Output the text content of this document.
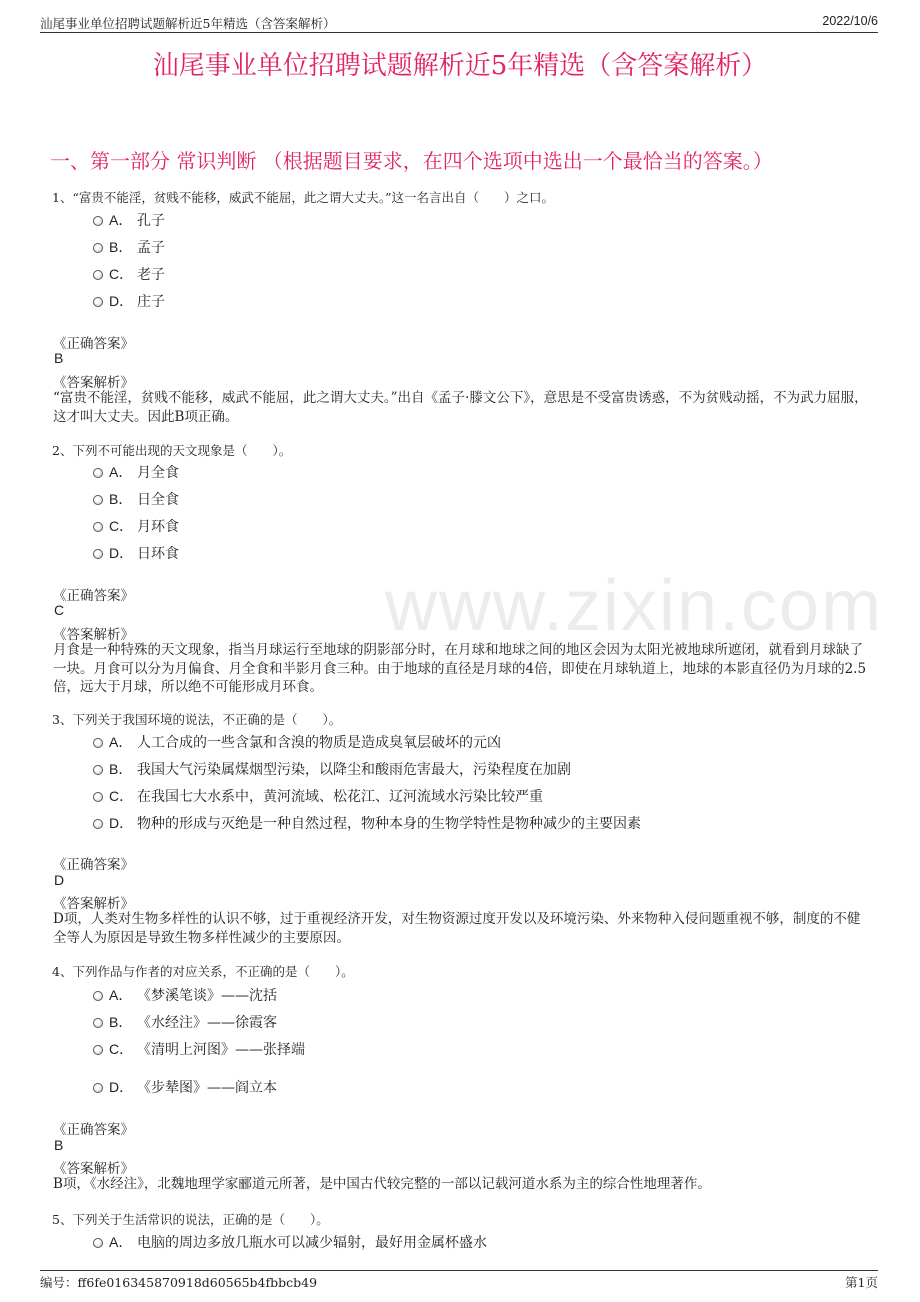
汕尾事业单位招聘试题解析近5年精选（含答案解析）	2022/10/6
汕尾事业单位招聘试题解析近5年精选（含答案解析）
一、第一部分 常识判断 （根据题目要求，在四个选项中选出一个最恰当的答案。）
www.zixin.com
1、“富贵不能淫，贫贱不能移，威武不能屈，此之谓大丈夫。”这一名言出自（　　）之口。
A． 孔子
B． 孟子
C． 老子
D． 庄子
《正确答案》
B
《答案解析》
“富贵不能淫，贫贱不能移，威武不能屈，此之谓大丈夫。”出自《孟子·滕文公下》，意思是不受富贵诱惑，不为贫贱动摇，不为武力屈服，这才叫大丈夫。因此B项正确。
2、下列不可能出现的天文现象是（　　）。
A． 月全食
B． 日全食
C． 月环食
D． 日环食
《正确答案》
C
《答案解析》
月食是一种特殊的天文现象，指当月球运行至地球的阴影部分时，在月球和地球之间的地区会因为太阳光被地球所遮闭，就看到月球缺了一块。月食可以分为月偏食、月全食和半影月食三种。由于地球的直径是月球的4倍，即使在月球轨道上，地球的本影直径仍为月球的2.5倍，远大于月球，所以绝不可能形成月环食。
3、下列关于我国环境的说法，不正确的是（　　）。
A． 人工合成的一些含氯和含溴的物质是造成臭氧层破坏的元凶
B． 我国大气污染属煤烟型污染，以降尘和酸雨危害最大，污染程度在加剧
C． 在我国七大水系中，黄河流域、松花江、辽河流域水污染比较严重
D． 物种的形成与灭绝是一种自然过程，物种本身的生物学特性是物种减少的主要因素
《正确答案》
D
《答案解析》
D项，人类对生物多样性的认识不够，过于重视经济开发，对生物资源过度开发以及环境污染、外来物种入侵问题重视不够，制度的不健全等人为原因是导致生物多样性减少的主要原因。
4、下列作品与作者的对应关系，不正确的是（　　）。
A． 《梦溪笔谈》——沈括
B． 《水经注》——徐霞客
C． 《清明上河图》——张择端
D． 《步辇图》——阎立本
《正确答案》
B
《答案解析》
B项，《水经注》，北魏地理学家郦道元所著，是中国古代较完整的一部以记载河道水系为主的综合性地理著作。
5、下列关于生活常识的说法，正确的是（　　）。
A． 电脑的周边多放几瓶水可以减少辐射，最好用金属杯盛水
编号：ff6fe016345870918d60565b4fbbcb49	第1页
